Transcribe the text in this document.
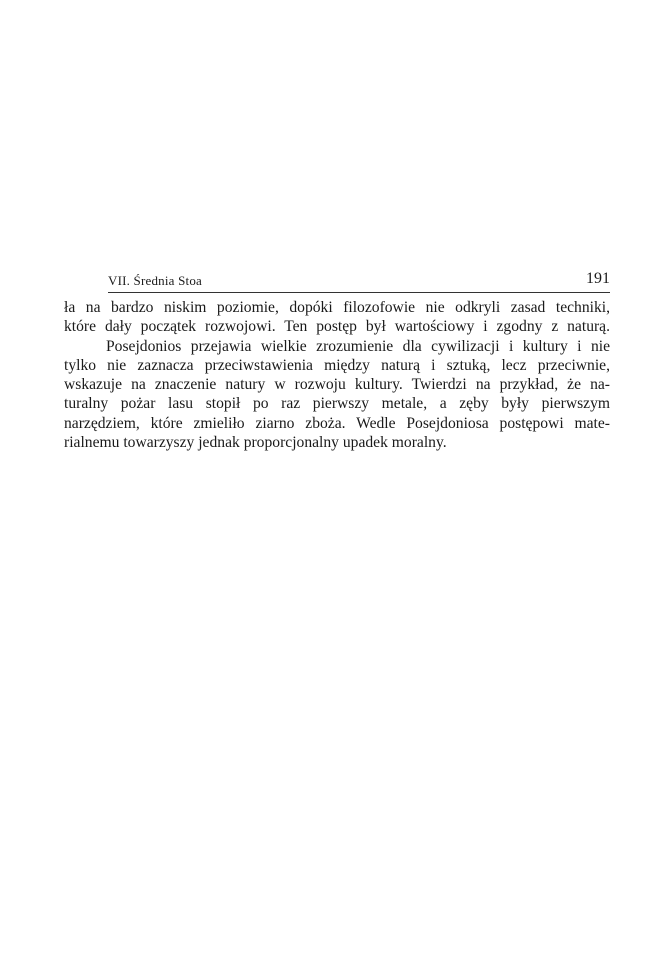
VII. Średnia Stoa	191
ła na bardzo niskim poziomie, dopóki filozofowie nie odkryli zasad techniki,
które dały początek rozwojowi. Ten postęp był wartościowy i zgodny z naturą.
Posejdonios przejawia wielkie zrozumienie dla cywilizacji i kultury i nie
tylko nie zaznacza przeciwstawienia między naturą i sztuką, lecz przeciwnie,
wskazuje na znaczenie natury w rozwoju kultury. Twierdzi na przykład, że na-
turalny pożar lasu stopił po raz pierwszy metale, a zęby były pierwszym
narzędziem, które zmieliło ziarno zboża. Wedle Posejdoniosa postępowi mate-
rialnemu towarzyszy jednak proporcjonalny upadek moralny.
